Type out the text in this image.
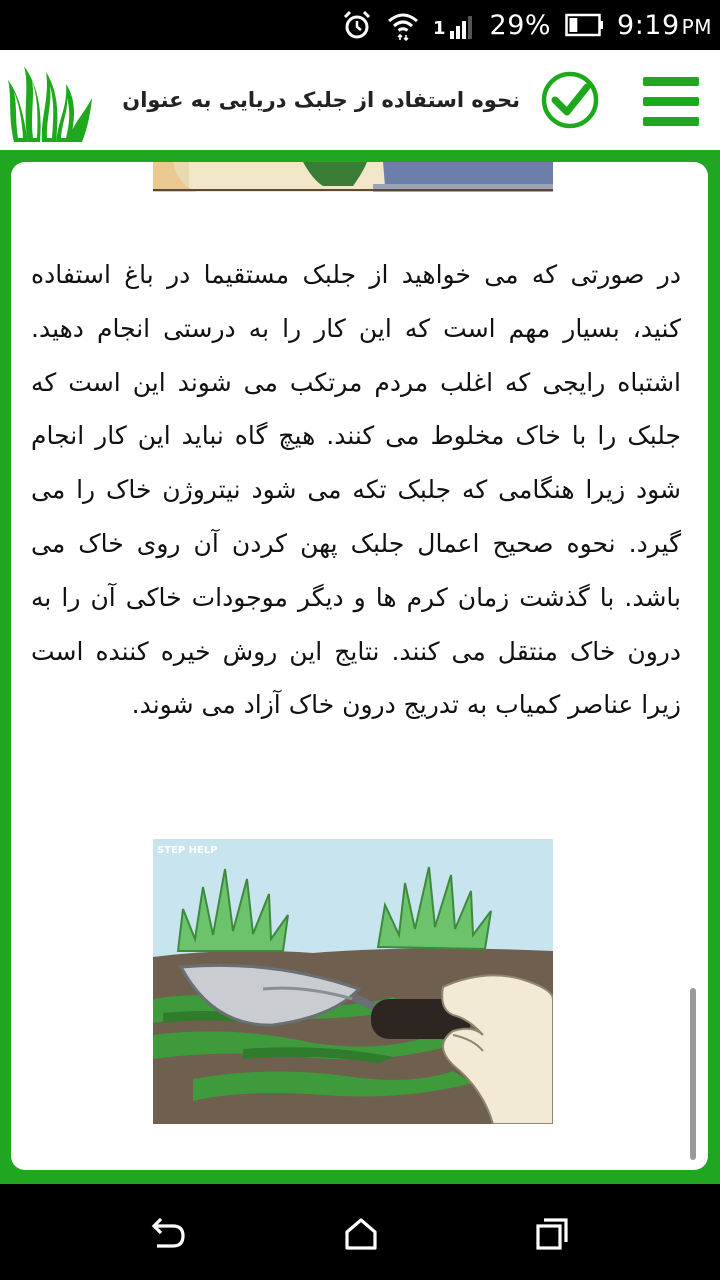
1 29% 9:19 PM
نحوه استفاده از جلبک دریایی به عنوان
در صورتی که می خواهید از جلبک مستقیما در باغ استفاده کنید، بسیار مهم است که این کار را به درستی انجام دهید. اشتباه رایجی که اغلب مردم مرتکب می شوند این است که جلبک را با خاک مخلوط می کنند. هیچ گاه نباید این کار انجام شود زیرا هنگامی که جلبک تکه می شود نیتروژن خاک را می گیرد. نحوه صحیح اعمال جلبک پهن کردن آن روی خاک می باشد. با گذشت زمان کرم ها و دیگر موجودات خاکی آن را به درون خاک منتقل می کنند. نتایج این روش خیره کننده است زیرا عناصر کمیاب به تدریج درون خاک آزاد می شوند.
STEP HELP
